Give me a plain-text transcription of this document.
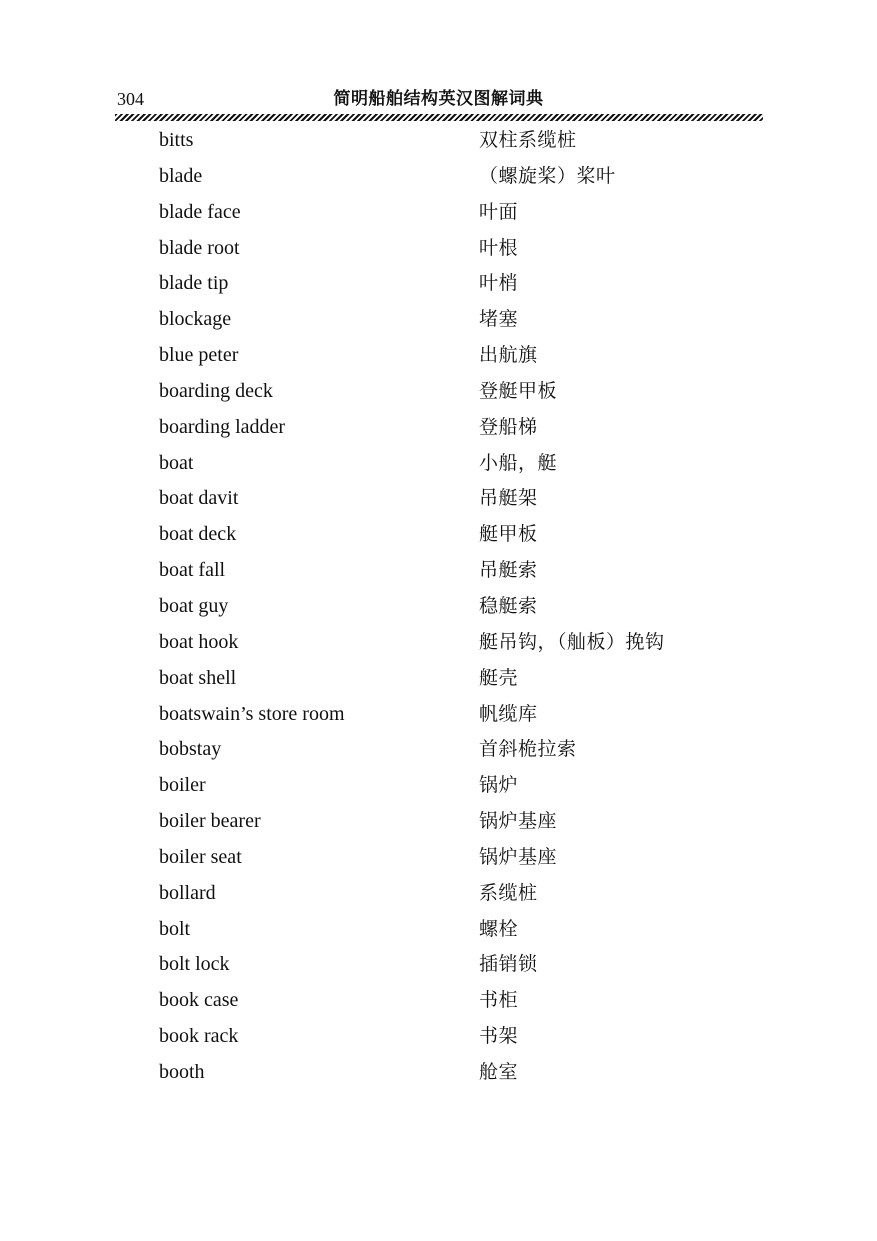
304	简明船舶结构英汉图解词典
bitts	双柱系缆桩
blade	（螺旋桨）桨叶
blade face	叶面
blade root	叶根
blade tip	叶梢
blockage	堵塞
blue peter	出航旗
boarding deck	登艇甲板
boarding ladder	登船梯
boat	小船，艇
boat davit	吊艇架
boat deck	艇甲板
boat fall	吊艇索
boat guy	稳艇索
boat hook	艇吊钩，（舢板）挽钩
boat shell	艇壳
boatswain’s store room	帆缆库
bobstay	首斜桅拉索
boiler	锅炉
boiler bearer	锅炉基座
boiler seat	锅炉基座
bollard	系缆桩
bolt	螺栓
bolt lock	插销锁
book case	书柜
book rack	书架
booth	舱室
